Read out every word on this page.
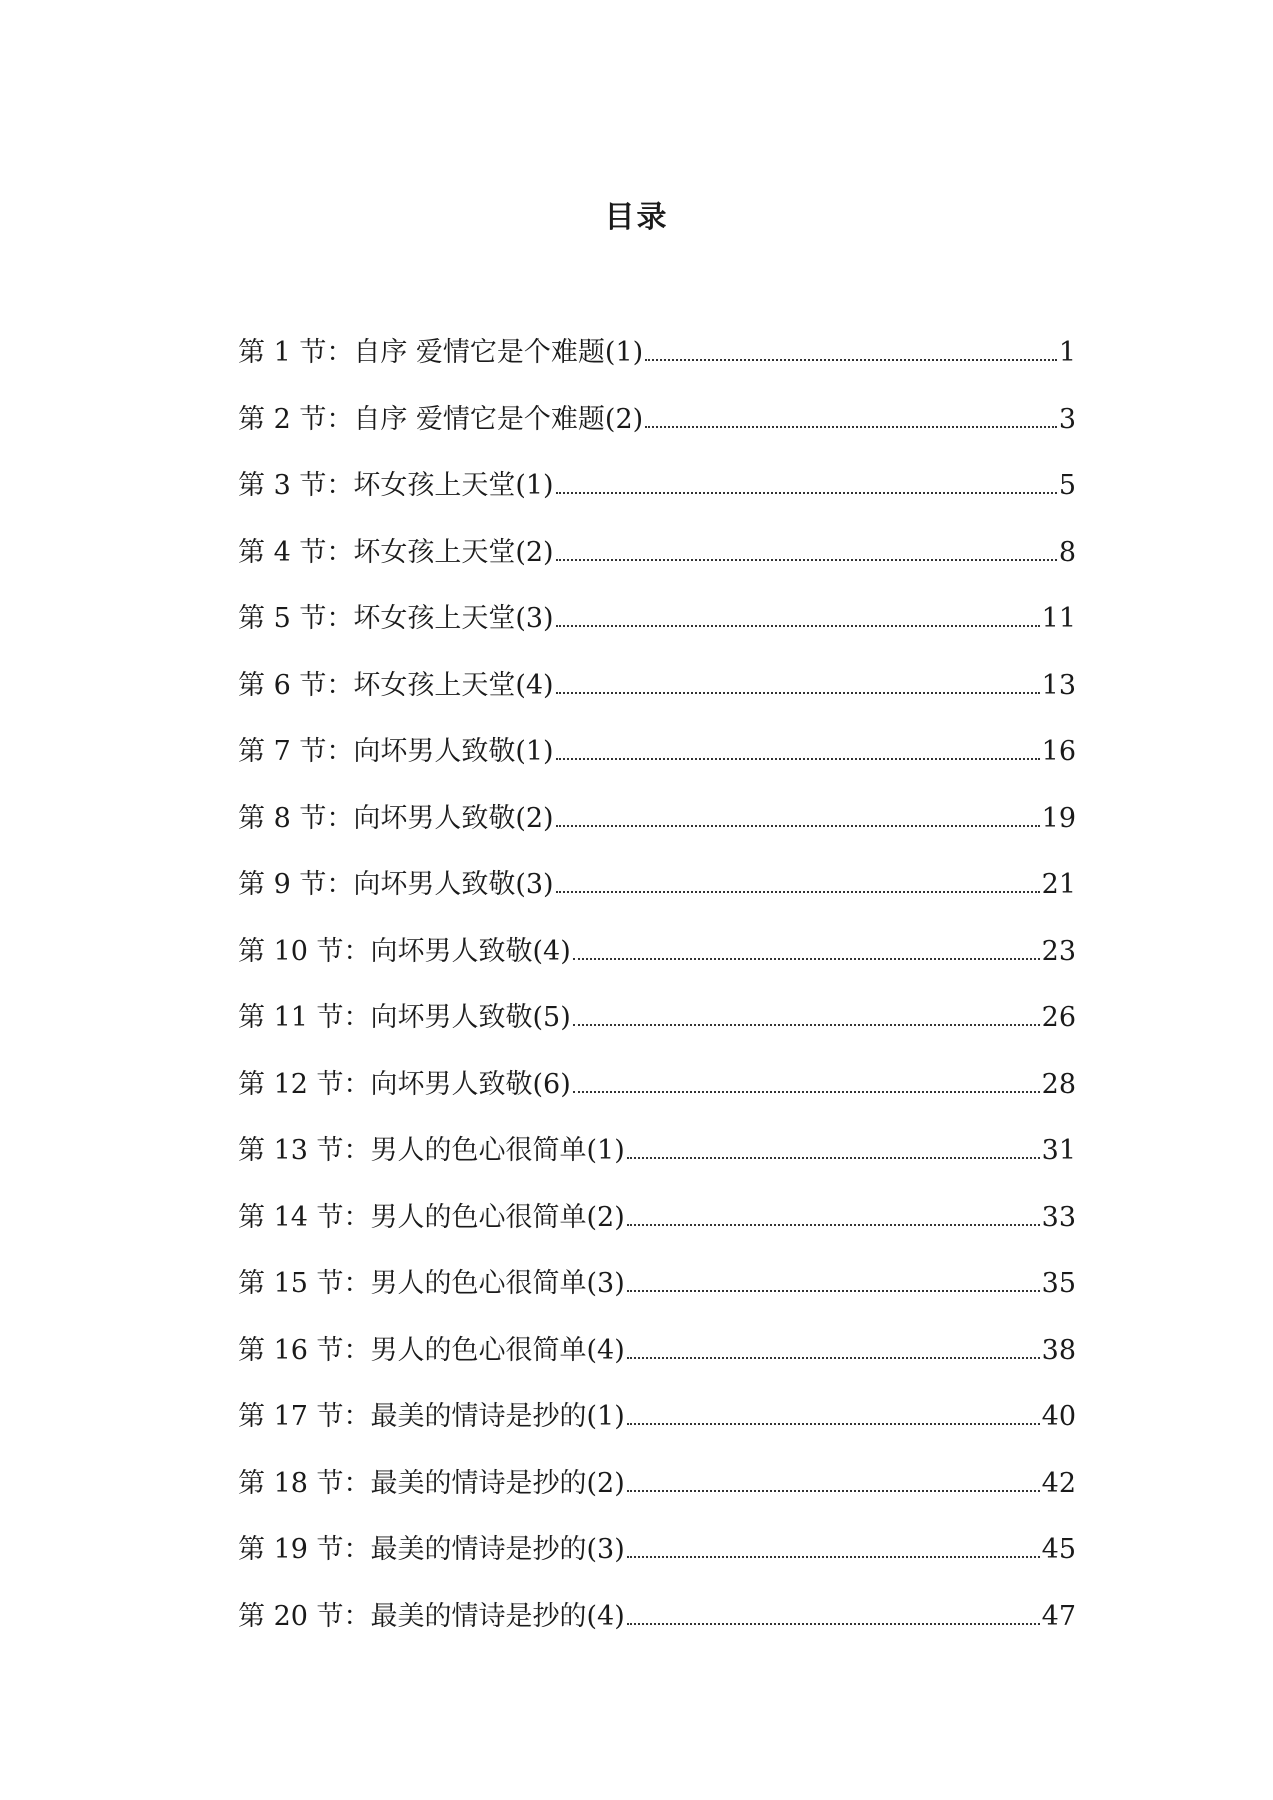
目录
第 1 节：自序 爱情它是个难题(1)	1
第 2 节：自序 爱情它是个难题(2)	3
第 3 节：坏女孩上天堂(1)	5
第 4 节：坏女孩上天堂(2)	8
第 5 节：坏女孩上天堂(3)	11
第 6 节：坏女孩上天堂(4)	13
第 7 节：向坏男人致敬(1)	16
第 8 节：向坏男人致敬(2)	19
第 9 节：向坏男人致敬(3)	21
第 10 节：向坏男人致敬(4)	23
第 11 节：向坏男人致敬(5)	26
第 12 节：向坏男人致敬(6)	28
第 13 节：男人的色心很简单(1)	31
第 14 节：男人的色心很简单(2)	33
第 15 节：男人的色心很简单(3)	35
第 16 节：男人的色心很简单(4)	38
第 17 节：最美的情诗是抄的(1)	40
第 18 节：最美的情诗是抄的(2)	42
第 19 节：最美的情诗是抄的(3)	45
第 20 节：最美的情诗是抄的(4)	47
